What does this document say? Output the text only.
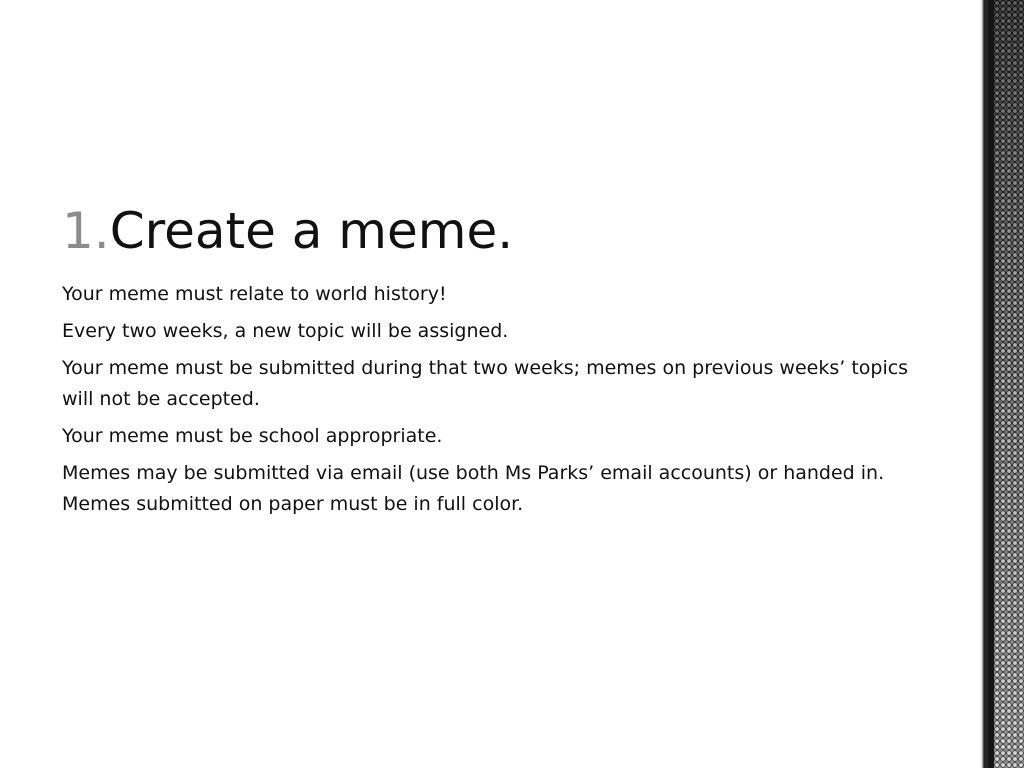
1.Create a meme.
Your meme must relate to world history!
Every two weeks, a new topic will be assigned.
Your meme must be submitted during that two weeks; memes on previous weeks’ topics will not be accepted.
Your meme must be school appropriate.
Memes may be submitted via email (use both Ms Parks’ email accounts) or handed in. Memes submitted on paper must be in full color.
